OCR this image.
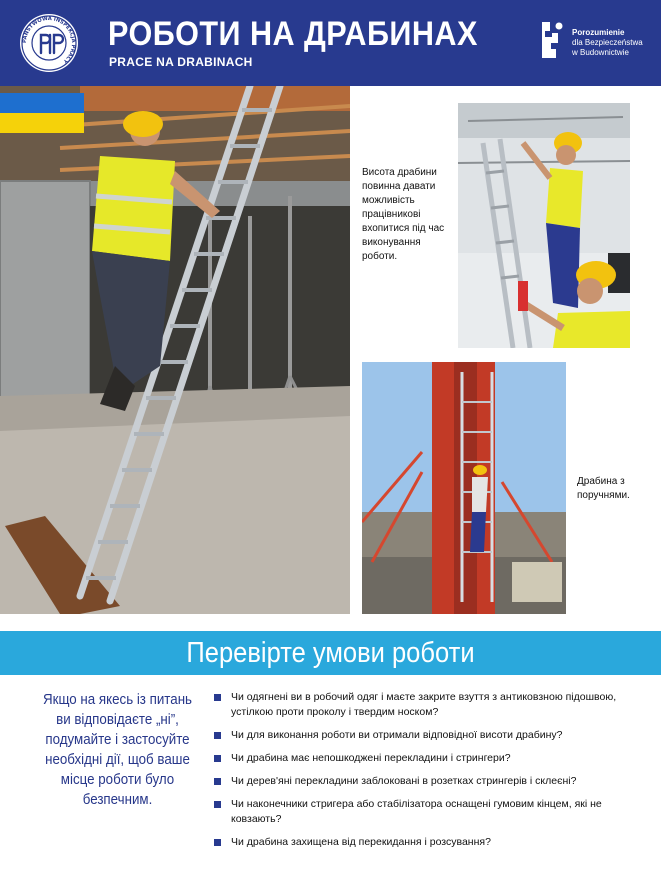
PAŃSTWOWA INSPEKCJA PRACY
РОБОТИ НА ДРАБИНАХ
PRACE NA DRABINACH
Porozumienie
dla Bezpieczeństwa
w Budownictwie
Висота драбини повинна давати можливість працівникові вхопитися під час виконування роботи.
Драбина з поручнями.
Перевірте умови роботи
Якщо на якесь із питань ви відповідаєте „ні”, подумайте і застосуйте необхідні дії, щоб ваше місце роботи було безпечним.
Чи одягнені ви в робочий одяг і маєте закрите взуття з антиковзною підошвою, устілкою проти проколу і твердим носком?
Чи для виконання роботи ви отримали відповідної висоти драбину?
Чи драбина має непошкоджені перекладини і стрингери?
Чи дерев'яні перекладини заблоковані в розетках стрингерів і склеєні?
Чи наконечники стригера або стабілізатора оснащені гумовим кінцем, які не ковзають?
Чи драбина захищена від перекидання і розсування?
